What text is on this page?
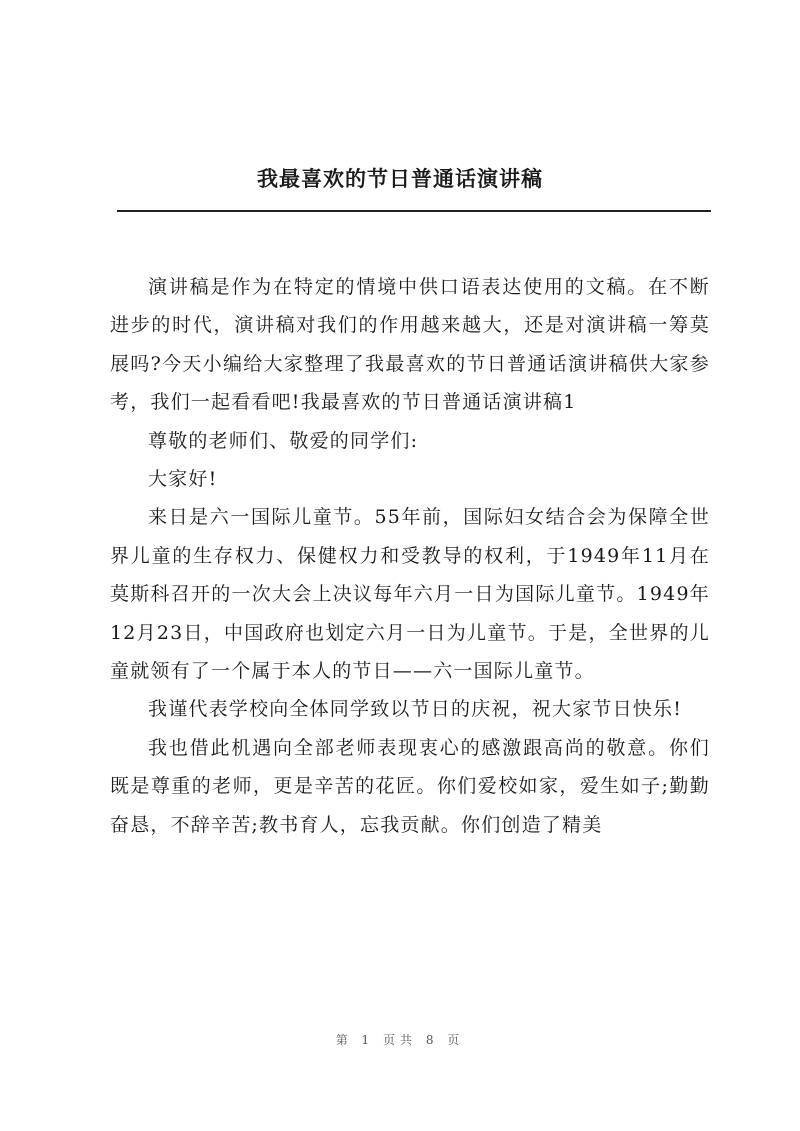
我最喜欢的节日普通话演讲稿

演讲稿是作为在特定的情境中供口语表达使用的文稿。在不断进步的时代，演讲稿对我们的作用越来越大，还是对演讲稿一筹莫展吗?今天小编给大家整理了我最喜欢的节日普通话演讲稿供大家参考，我们一起看看吧!我最喜欢的节日普通话演讲稿1

尊敬的老师们、敬爱的同学们:

大家好!

来日是六一国际儿童节。55年前，国际妇女结合会为保障全世界儿童的生存权力、保健权力和受教导的权利，于1949年11月在莫斯科召开的一次大会上决议每年六月一日为国际儿童节。1949年12月23日，中国政府也划定六月一日为儿童节。于是，全世界的儿童就领有了一个属于本人的节日——六一国际儿童节。

我谨代表学校向全体同学致以节日的庆祝，祝大家节日快乐!

我也借此机遇向全部老师表现衷心的感激跟高尚的敬意。你们既是尊重的老师，更是辛苦的花匠。你们爱校如家，爱生如子;勤勤奋恳，不辞辛苦;教书育人，忘我贡献。你们创造了精美

第 1 页共 8 页
